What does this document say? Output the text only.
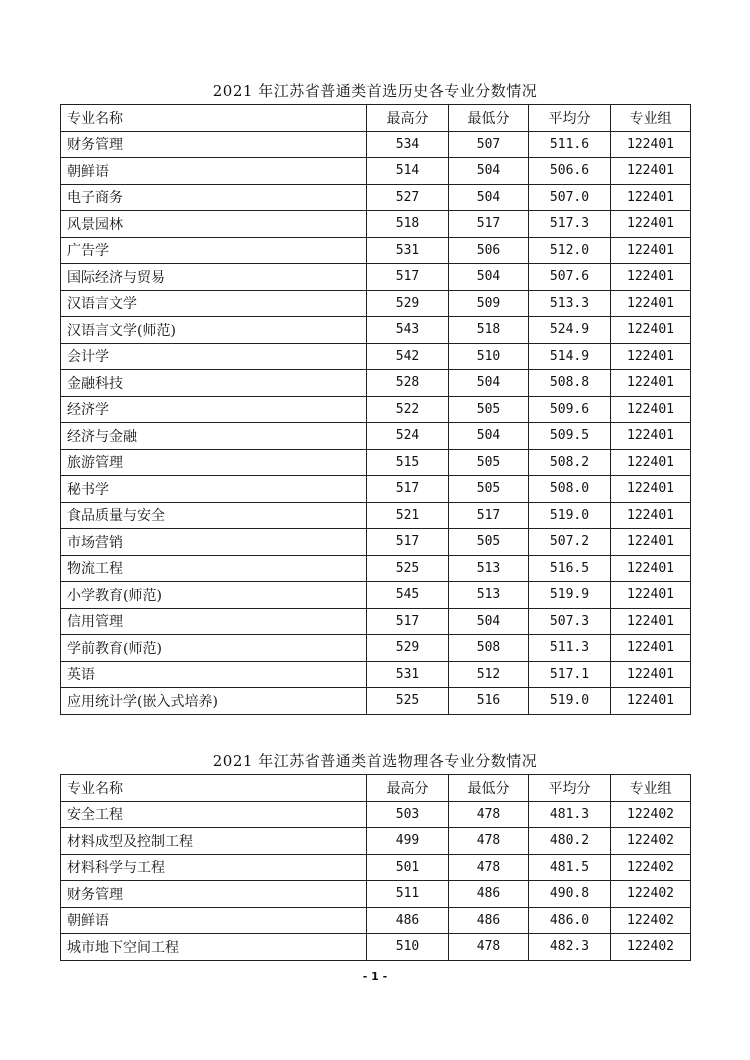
2021 年江苏省普通类首选历史各专业分数情况
专业名称	最高分	最低分	平均分	专业组
财务管理	534	507	511.6	122401
朝鲜语	514	504	506.6	122401
电子商务	527	504	507.0	122401
风景园林	518	517	517.3	122401
广告学	531	506	512.0	122401
国际经济与贸易	517	504	507.6	122401
汉语言文学	529	509	513.3	122401
汉语言文学(师范)	543	518	524.9	122401
会计学	542	510	514.9	122401
金融科技	528	504	508.8	122401
经济学	522	505	509.6	122401
经济与金融	524	504	509.5	122401
旅游管理	515	505	508.2	122401
秘书学	517	505	508.0	122401
食品质量与安全	521	517	519.0	122401
市场营销	517	505	507.2	122401
物流工程	525	513	516.5	122401
小学教育(师范)	545	513	519.9	122401
信用管理	517	504	507.3	122401
学前教育(师范)	529	508	511.3	122401
英语	531	512	517.1	122401
应用统计学(嵌入式培养)	525	516	519.0	122401
2021 年江苏省普通类首选物理各专业分数情况
专业名称	最高分	最低分	平均分	专业组
安全工程	503	478	481.3	122402
材料成型及控制工程	499	478	480.2	122402
材料科学与工程	501	478	481.5	122402
财务管理	511	486	490.8	122402
朝鲜语	486	486	486.0	122402
城市地下空间工程	510	478	482.3	122402
- 1 -
